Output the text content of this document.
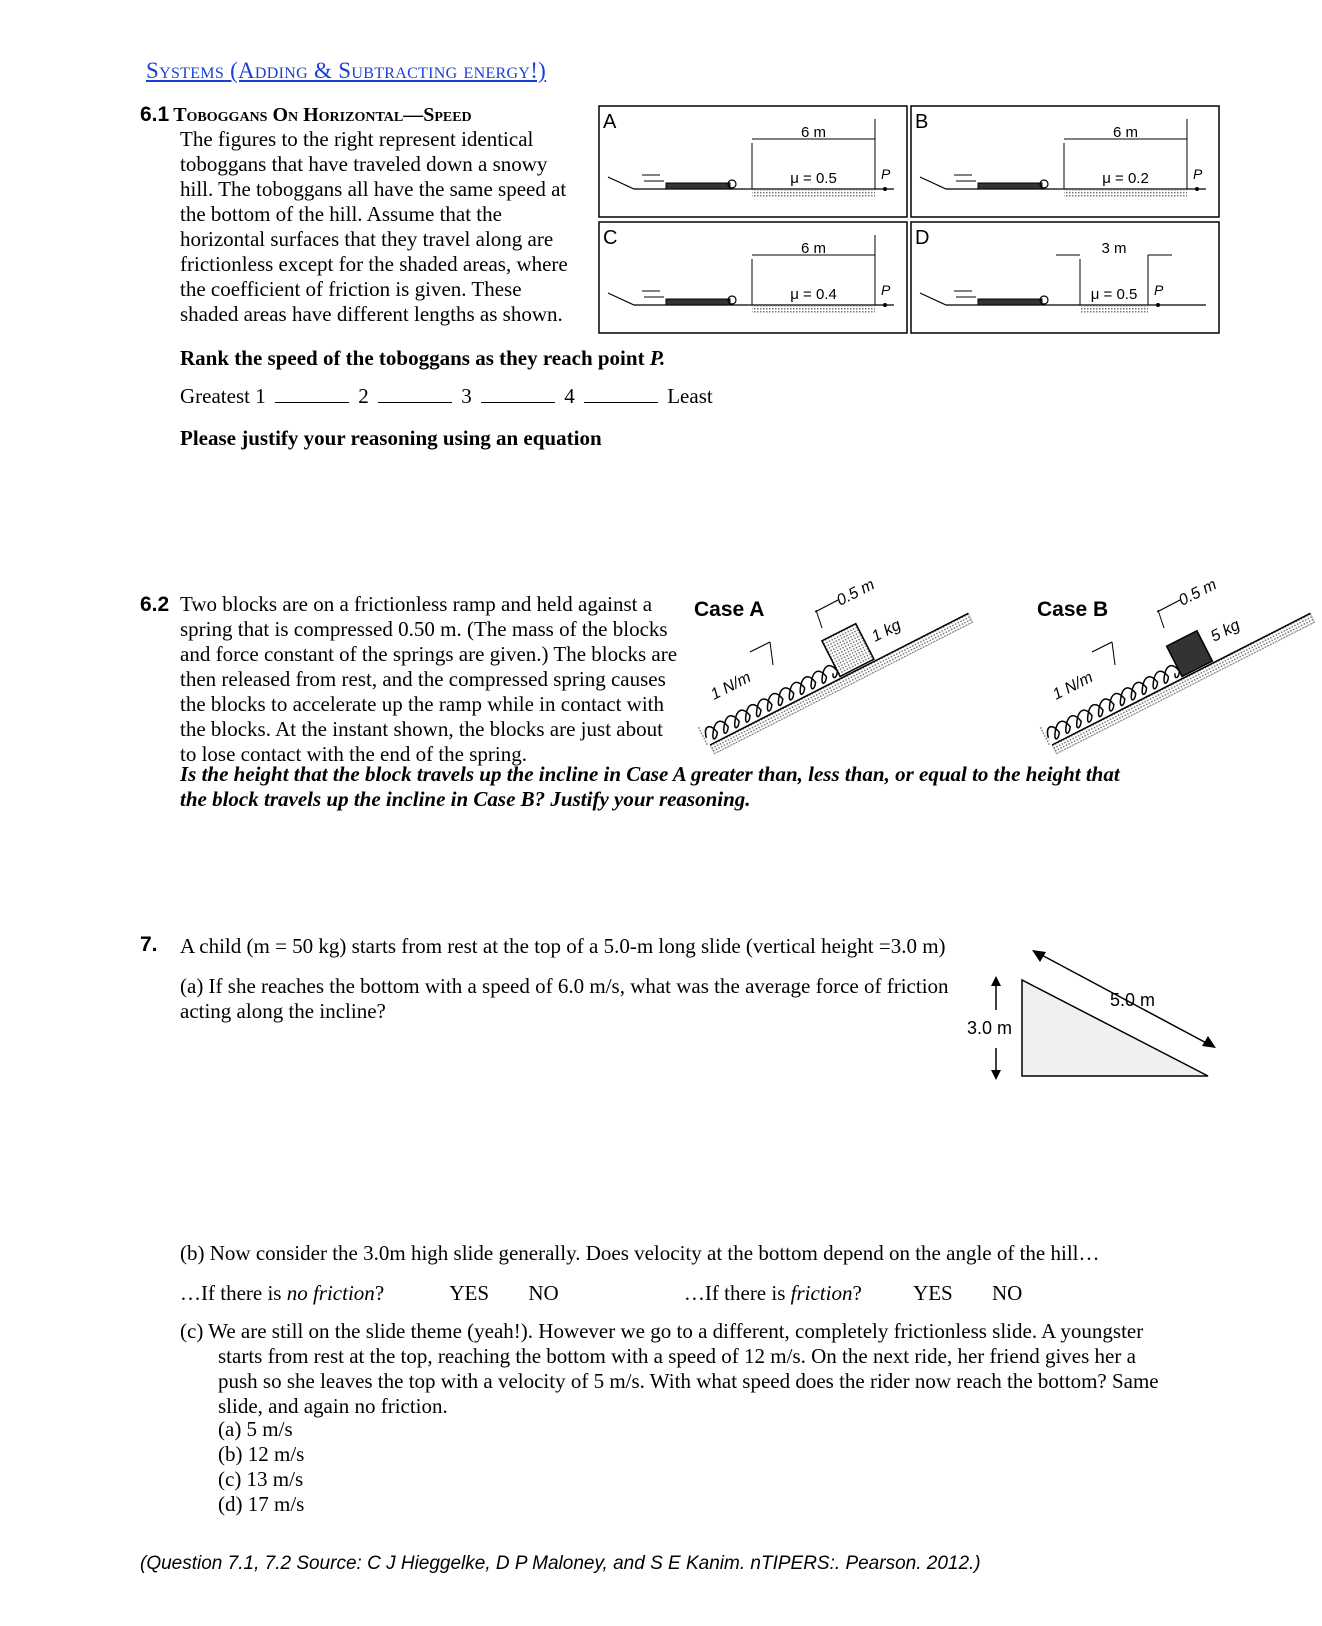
Systems (Adding & Subtracting energy!)
6.1 Toboggans On Horizontal—Speed
The figures to the right represent identical toboggans that have traveled down a snowy hill. The toboggans all have the same speed at the bottom of the hill. Assume that the horizontal surfaces that they travel along are frictionless except for the shaded areas, where the coefficient of friction is given. These shaded areas have different lengths as shown.
A	6 m
μ = 0.5	P
B	6 m
μ = 0.2	P
C	6 m
μ = 0.4	P
D	3 m
μ = 0.5 P
Rank the speed of the toboggans as they reach point P.
Greatest 1	2	3	4	Least
Please justify your reasoning using an equation
6.2 Two blocks are on a frictionless ramp and held against a spring that is compressed 0.50 m. (The mass of the blocks and force constant of the springs are given.) The blocks are then released from rest, and the compressed spring causes the blocks to accelerate up the ramp while in contact with the blocks. At the instant shown, the blocks are just about to lose contact with the end of the spring.
Is the height that the block travels up the incline in Case A greater than, less than, or equal to the height that the block travels up the incline in Case B? Justify your reasoning.
Case A	Case B
1 N/m
1 kg
0.5 m
1 N/m
5 kg
0.5 m
7. A child (m = 50 kg) starts from rest at the top of a 5.0-m long slide (vertical height =3.0 m)
(a) If she reaches the bottom with a speed of 6.0 m/s, what was the average force of friction acting along the incline?
3.0 m
5.0 m
(b) Now consider the 3.0m high slide generally. Does velocity at the bottom depend on the angle of the hill…
…If there is no friction?	YES NO	…If there is friction? YES NO
(c) We are still on the slide theme (yeah!). However we go to a different, completely frictionless slide. A youngster starts from rest at the top, reaching the bottom with a speed of 12 m/s. On the next ride, her friend gives her a push so she leaves the top with a velocity of 5 m/s. With what speed does the rider now reach the bottom? Same slide, and again no friction.
(a) 5 m/s
(b) 12 m/s
(c) 13 m/s
(d) 17 m/s
(Question 7.1, 7.2 Source: C J Hieggelke, D P Maloney, and S E Kanim. nTIPERS:. Pearson. 2012.)
